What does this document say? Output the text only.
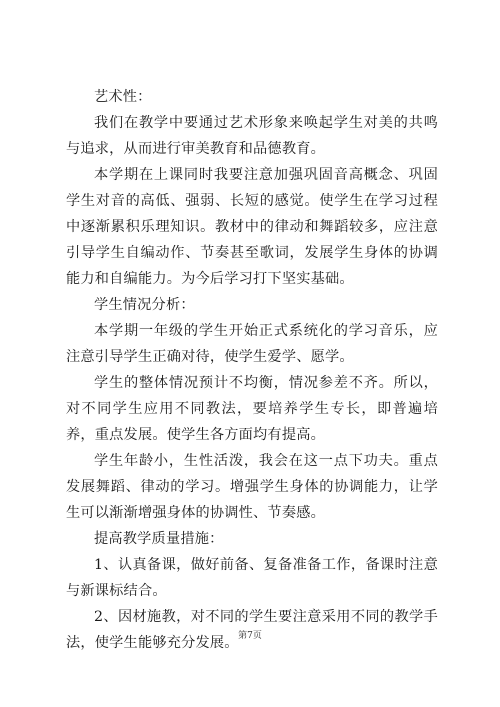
艺术性：

我们在教学中要通过艺术形象来唤起学生对美的共鸣与追求，从而进行审美教育和品德教育。

本学期在上课同时我要注意加强巩固音高概念、巩固学生对音的高低、强弱、长短的感觉。使学生在学习过程中逐渐累积乐理知识。教材中的律动和舞蹈较多，应注意引导学生自编动作、节奏甚至歌词，发展学生身体的协调能力和自编能力。为今后学习打下坚实基础。

学生情况分析：

本学期一年级的学生开始正式系统化的学习音乐，应注意引导学生正确对待，使学生爱学、愿学。

学生的整体情况预计不均衡，情况参差不齐。所以，对不同学生应用不同教法，要培养学生专长，即普遍培养，重点发展。使学生各方面均有提高。

学生年龄小，生性活泼，我会在这一点下功夫。重点发展舞蹈、律动的学习。增强学生身体的协调能力，让学生可以渐渐增强身体的协调性、节奏感。

提高教学质量措施：

1、认真备课，做好前备、复备准备工作，备课时注意与新课标结合。

2、因材施教，对不同的学生要注意采用不同的教学手法，使学生能够充分发展。 第7页
